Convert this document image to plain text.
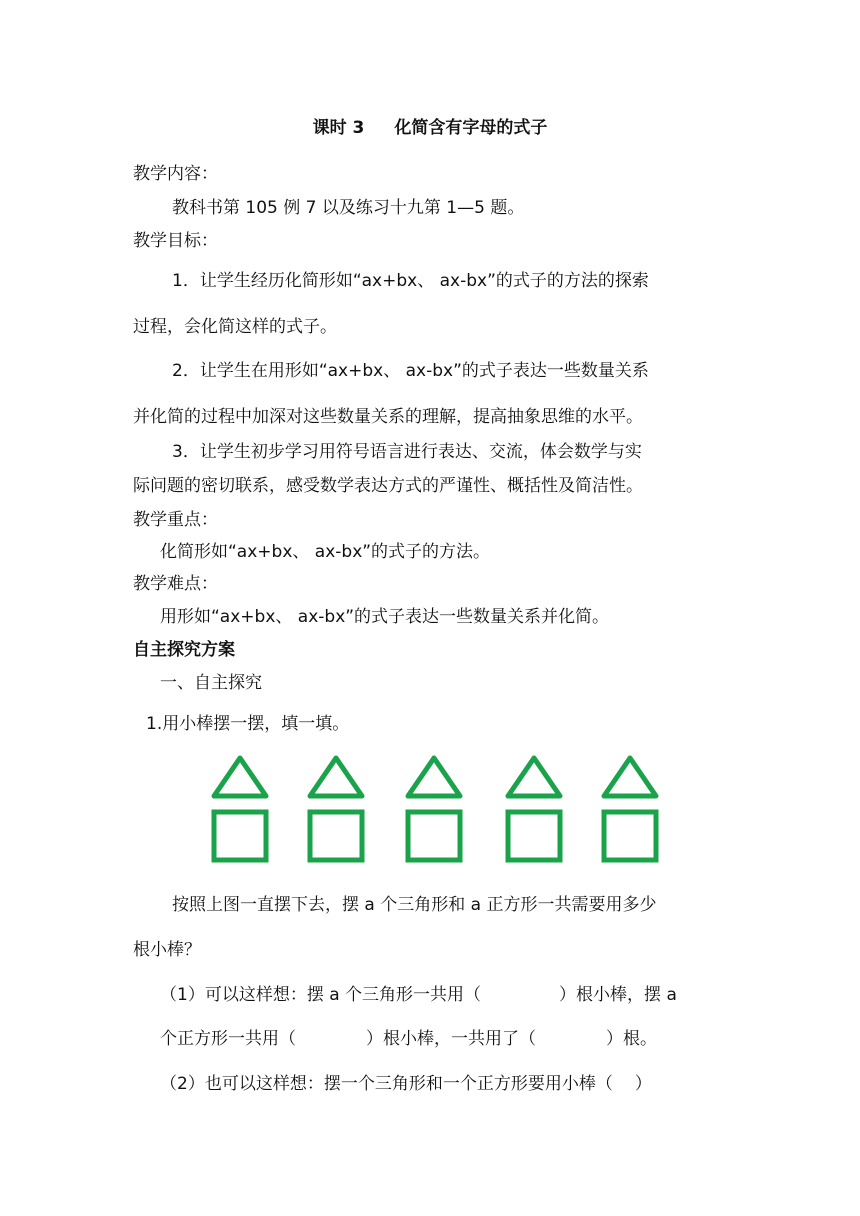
课时 3 化简含有字母的式子
教学内容：
教科书第 105 例 7 以及练习十九第 1—5 题。
教学目标：
1．让学生经历化简形如“ax+bx、 ax-bx”的式子的方法的探索
过程，会化简这样的式子。
2．让学生在用形如“ax+bx、 ax-bx”的式子表达一些数量关系
并化简的过程中加深对这些数量关系的理解，提高抽象思维的水平。
3．让学生初步学习用符号语言进行表达、交流，体会数学与实
际问题的密切联系，感受数学表达方式的严谨性、概括性及简洁性。
教学重点：
化简形如“ax+bx、 ax-bx”的式子的方法。
教学难点：
用形如“ax+bx、 ax-bx”的式子表达一些数量关系并化简。
自主探究方案
一、自主探究
1.用小棒摆一摆，填一填。
按照上图一直摆下去，摆 a 个三角形和 a 正方形一共需要用多少
根小棒？
（1）可以这样想：摆 a 个三角形一共用（	）根小棒，摆 a
个正方形一共用（	）根小棒，一共用了（	）根。
（2）也可以这样想：摆一个三角形和一个正方形要用小棒（ ）
